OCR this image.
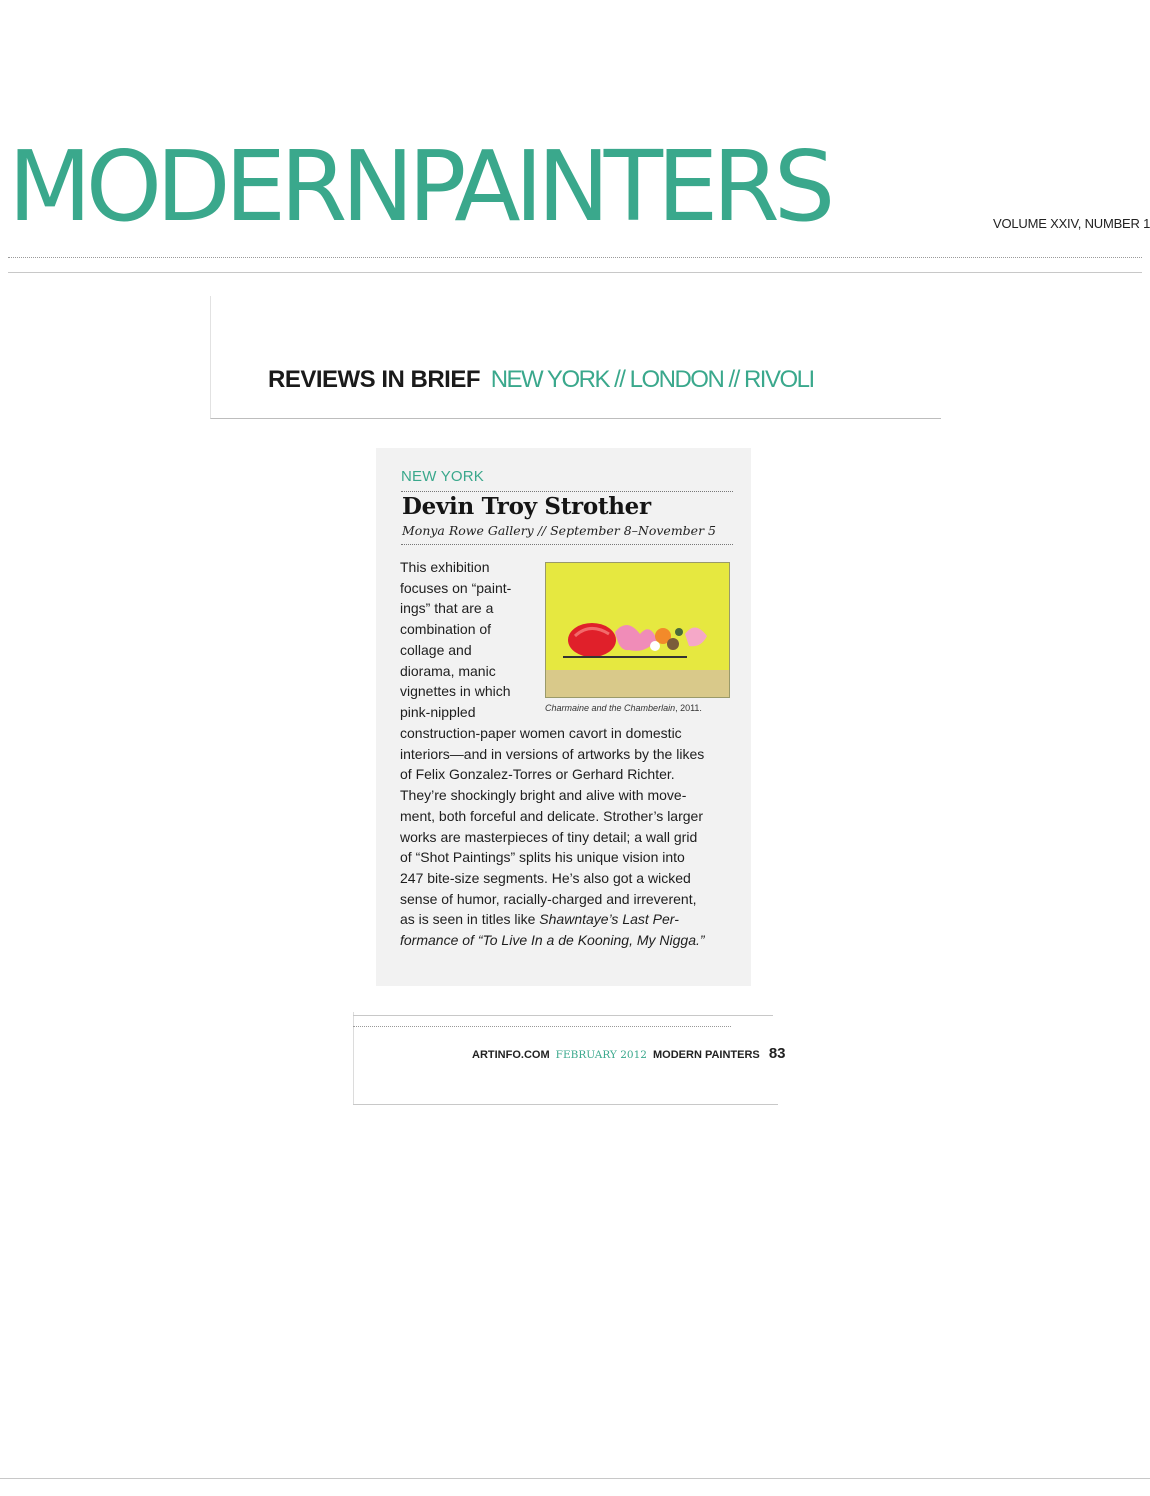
MODERNPAINTERS	VOLUME XXIV, NUMBER 1
REVIEWS IN BRIEF NEW YORK // LONDON // RIVOLI
NEW YORK
Devin Troy Strother
Monya Rowe Gallery // September 8–November 5
This exhibition
focuses on “paint-
ings” that are a
combination of
collage and
diorama, manic
vignettes in which
pink-nippled	Charmaine and the Chamberlain, 2011.
construction-paper women cavort in domestic
interiors—and in versions of artworks by the likes
of Felix Gonzalez-Torres or Gerhard Richter.
They’re shockingly bright and alive with move-
ment, both forceful and delicate. Strother’s larger
works are masterpieces of tiny detail; a wall grid
of “Shot Paintings” splits his unique vision into
247 bite-size segments. He’s also got a wicked
sense of humor, racially-charged and irreverent,
as is seen in titles like Shawntaye’s Last Per-
formance of “To Live In a de Kooning, My Nigga.”
ARTINFO.COM FEBRUARY 2012 MODERN PAINTERS 83
